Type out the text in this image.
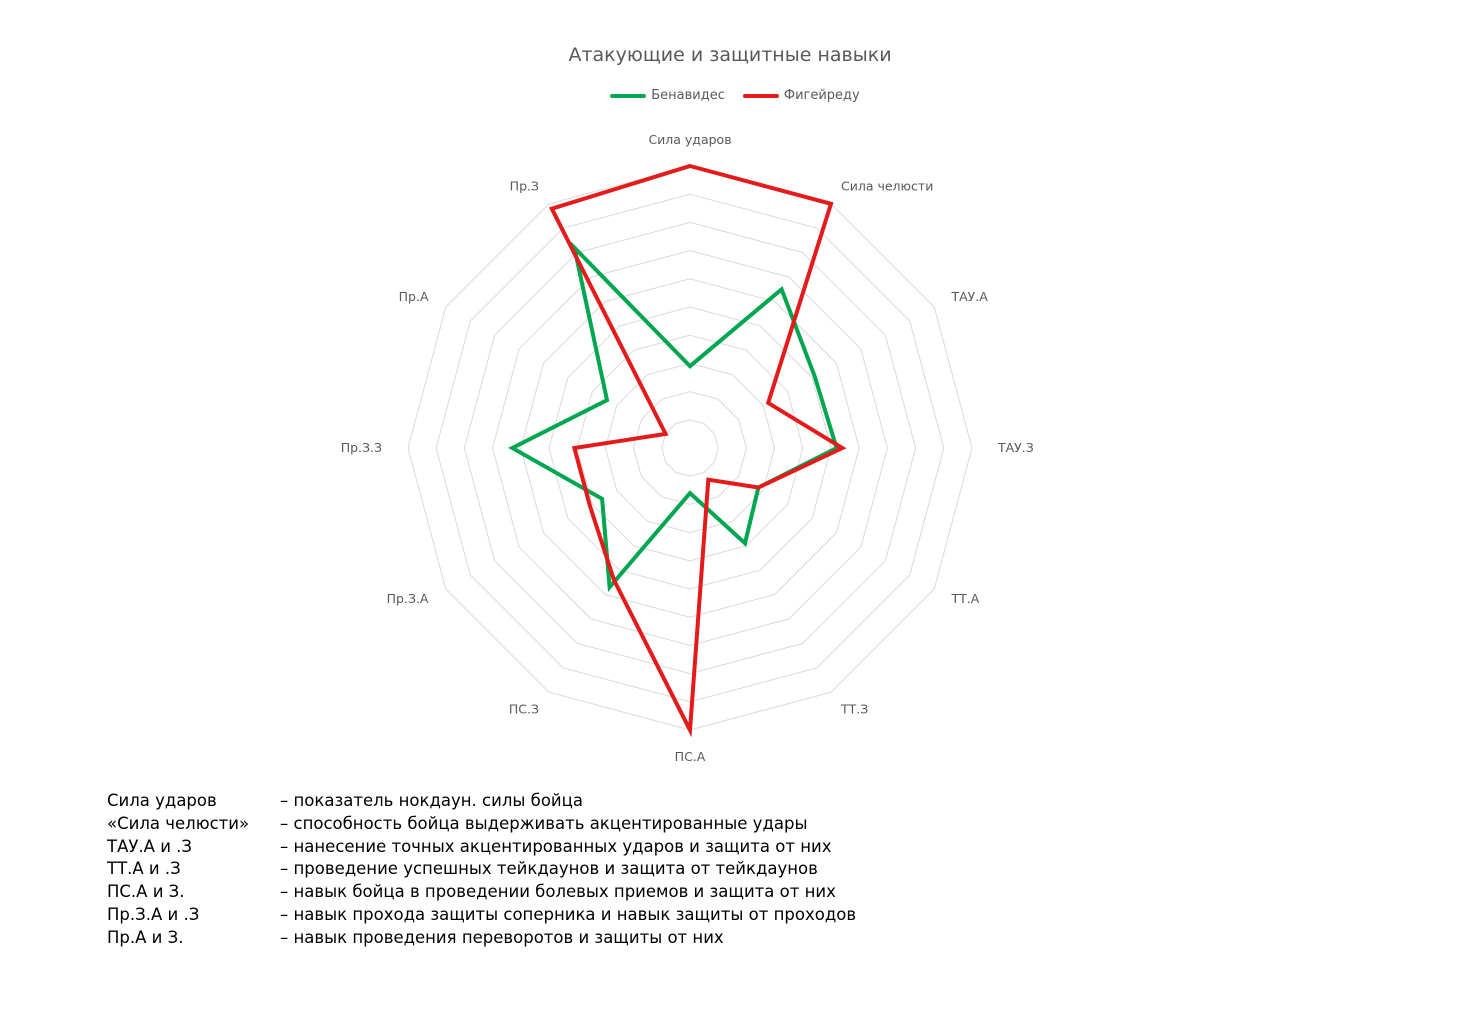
Атакующие и защитные навыки
Бенавидес	Фигейреду
Сила ударов
Сила челюсти
ТАУ.А
ТАУ.З
ТТ.А
ТТ.З
ПС.А
ПС.З
Пр.З.А
Пр.З.З
Пр.А
Пр.З
Сила ударов	– показатель нокдаун. силы бойца
«Сила челюсти»	– способность бойца выдерживать акцентированные удары
ТАУ.А и .З	– нанесение точных акцентированных ударов и защита от них
ТТ.А и .З	– проведение успешных тейкдаунов и защита от тейкдаунов
ПС.А и З.	– навык бойца в проведении болевых приемов и защита от них
Пр.З.А и .З	– навык прохода защиты соперника и навык защиты от проходов
Пр.А и З.	– навык проведения переворотов и защиты от них
